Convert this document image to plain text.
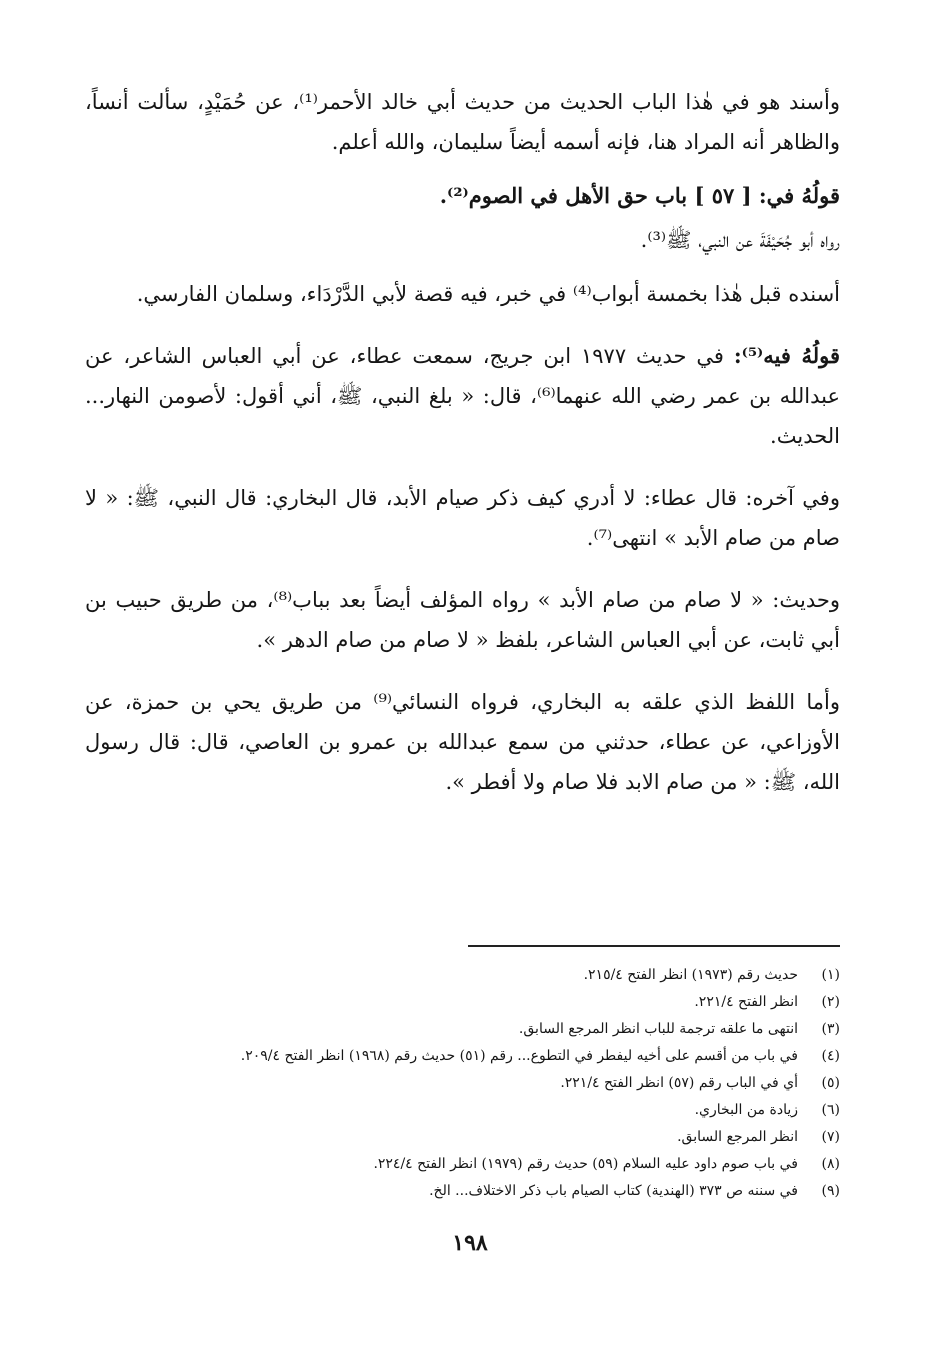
وأسند هو في هٰذا الباب الحديث من حديث أبي خالد الأحمر⁽¹⁾، عن حُمَيْدٍ، سألت أنساً، والظاهر أنه المراد هنا، فإنه أسمه أيضاً سليمان، والله أعلم.

قولُهُ في: [ ٥٧ ] باب حق الأهل في الصوم⁽²⁾.

رواه أبو جُحَيْفَةَ عن النبي، ﷺ⁽³⁾.

أسنده قبل هٰذا بخمسة أبواب⁽⁴⁾ في خبر، فيه قصة لأبي الدَّرْدَاء، وسلمان الفارسي.

قولُهُ فيه⁽⁵⁾: في حديث ١٩٧٧ ابن جريج، سمعت عطاء، عن أبي العباس الشاعر، عن عبدالله بن عمر رضي الله عنهما⁽⁶⁾، قال: « بلغ النبي، ﷺ، أني أقول: لأصومن النهار... الحديث.

وفي آخره: قال عطاء: لا أدري كيف ذكر صيام الأبد، قال البخاري: قال النبي، ﷺ: « لا صام من صام الأبد » انتهى⁽⁷⁾.

وحديث: « لا صام من صام الأبد » رواه المؤلف أيضاً بعد بباب⁽⁸⁾، من طريق حبيب بن أبي ثابت، عن أبي العباس الشاعر، بلفظ « لا صام من صام الدهر ».

وأما اللفظ الذي علقه به البخاري، فرواه النسائي⁽⁹⁾ من طريق يحي بن حمزة، عن الأوزاعي، عن عطاء، حدثني من سمع عبدالله بن عمرو بن العاصي، قال: قال رسول الله، ﷺ: « من صام الابد فلا صام ولا أفطر ».

(١)
حديث رقم (١٩٧٣) انظر الفتح ٢١٥/٤.
(٢)
انظر الفتح ٢٢١/٤.
(٣)
انتهى ما علقه ترجمة للباب انظر المرجع السابق.
(٤)
في باب من أقسم على أخيه ليفطر في التطوع... رقم (٥١) حديث رقم (١٩٦٨) انظر الفتح ٢٠٩/٤.
(٥)
أي في الباب رقم (٥٧) انظر الفتح ٢٢١/٤.
(٦)
زيادة من البخاري.
(٧)
انظر المرجع السابق.
(٨)
في باب صوم داود عليه السلام (٥٩) حديث رقم (١٩٧٩) انظر الفتح ٢٢٤/٤.
(٩)
في سننه ص ٣٧٣ (الهندية) كتاب الصيام باب ذكر الاختلاف... الخ.
١٩٨
